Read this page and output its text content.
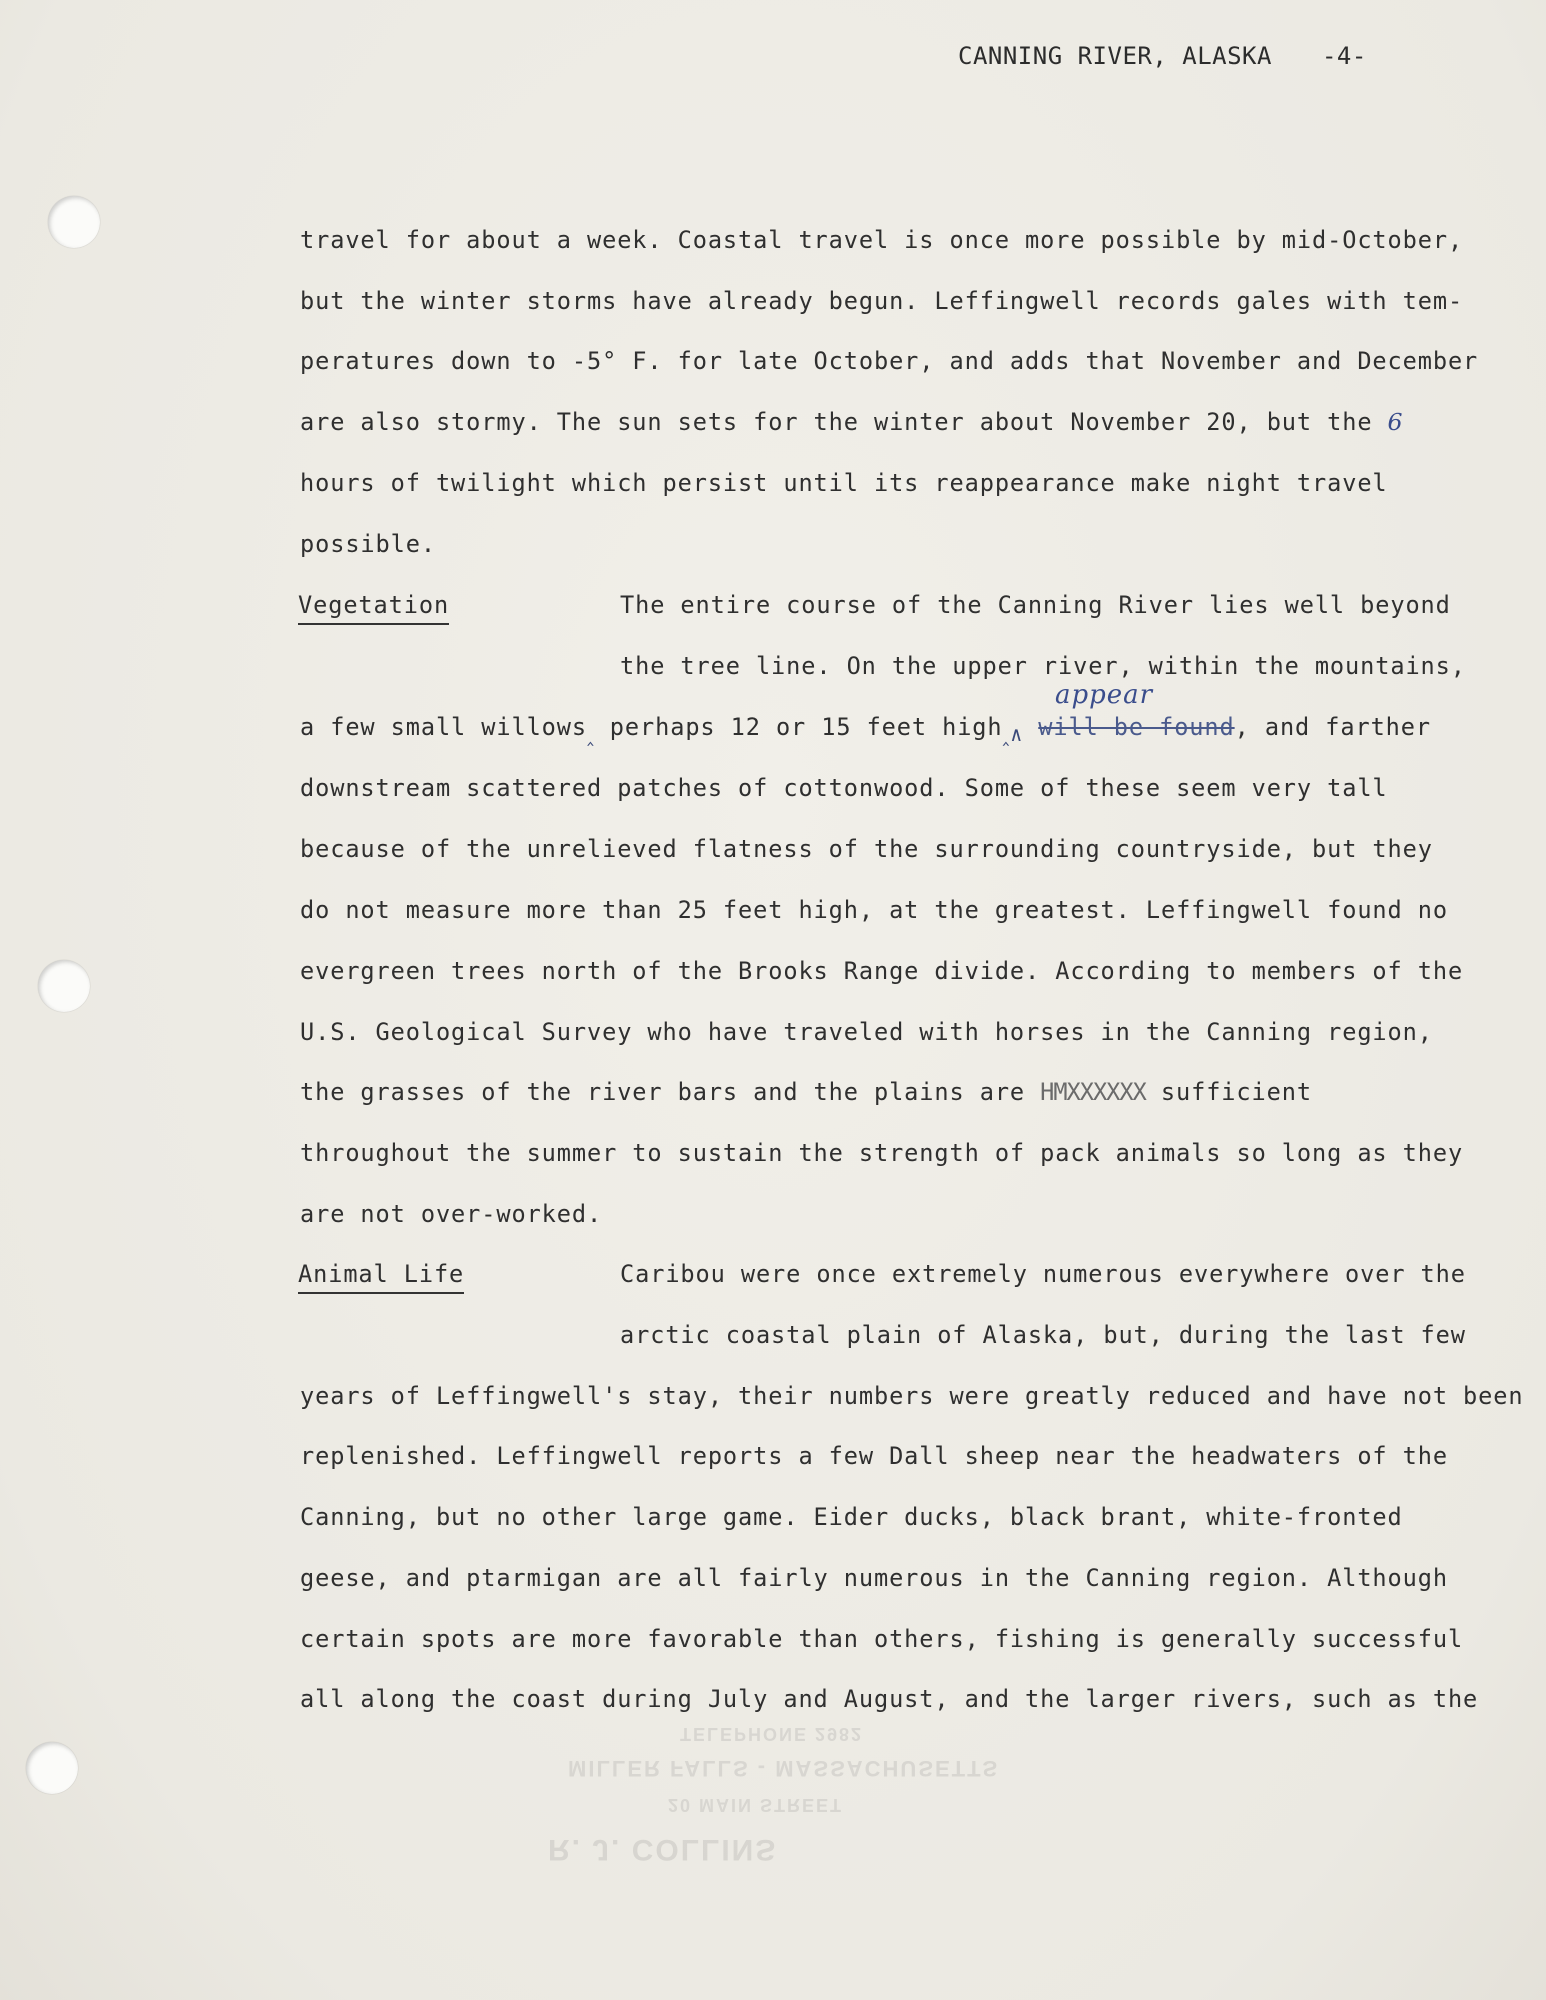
TELEPHONE 2982
MILLER FALLS - MASSACHUSETTS
20 MAIN STREET
R. J. COLLINS
CANNING RIVER, ALASKA -4-
travel for about a week. Coastal travel is once more possible by mid-October,
but the winter storms have already begun. Leffingwell records gales with tem-
peratures down to -5° F. for late October, and adds that November and December
are also stormy. The sun sets for the winter about November 20, but the 6
hours of twilight which persist until its reappearance make night travel
possible.
Vegetation	The entire course of the Canning River lies well beyond
the tree line. On the upper river, within the mountains,
appear
a few small willows‸ perhaps 12 or 15 feet high‸∧ will be found, and farther
downstream scattered patches of cottonwood. Some of these seem very tall
because of the unrelieved flatness of the surrounding countryside, but they
do not measure more than 25 feet high, at the greatest. Leffingwell found no
evergreen trees north of the Brooks Range divide. According to members of the
U.S. Geological Survey who have traveled with horses in the Canning region,
the grasses of the river bars and the plains are HMXXXXXX sufficient
throughout the summer to sustain the strength of pack animals so long as they
are not over-worked.
Animal Life	Caribou were once extremely numerous everywhere over the
arctic coastal plain of Alaska, but, during the last few
years of Leffingwell's stay, their numbers were greatly reduced and have not been
replenished. Leffingwell reports a few Dall sheep near the headwaters of the
Canning, but no other large game. Eider ducks, black brant, white-fronted
geese, and ptarmigan are all fairly numerous in the Canning region. Although
certain spots are more favorable than others, fishing is generally successful
all along the coast during July and August, and the larger rivers, such as the
